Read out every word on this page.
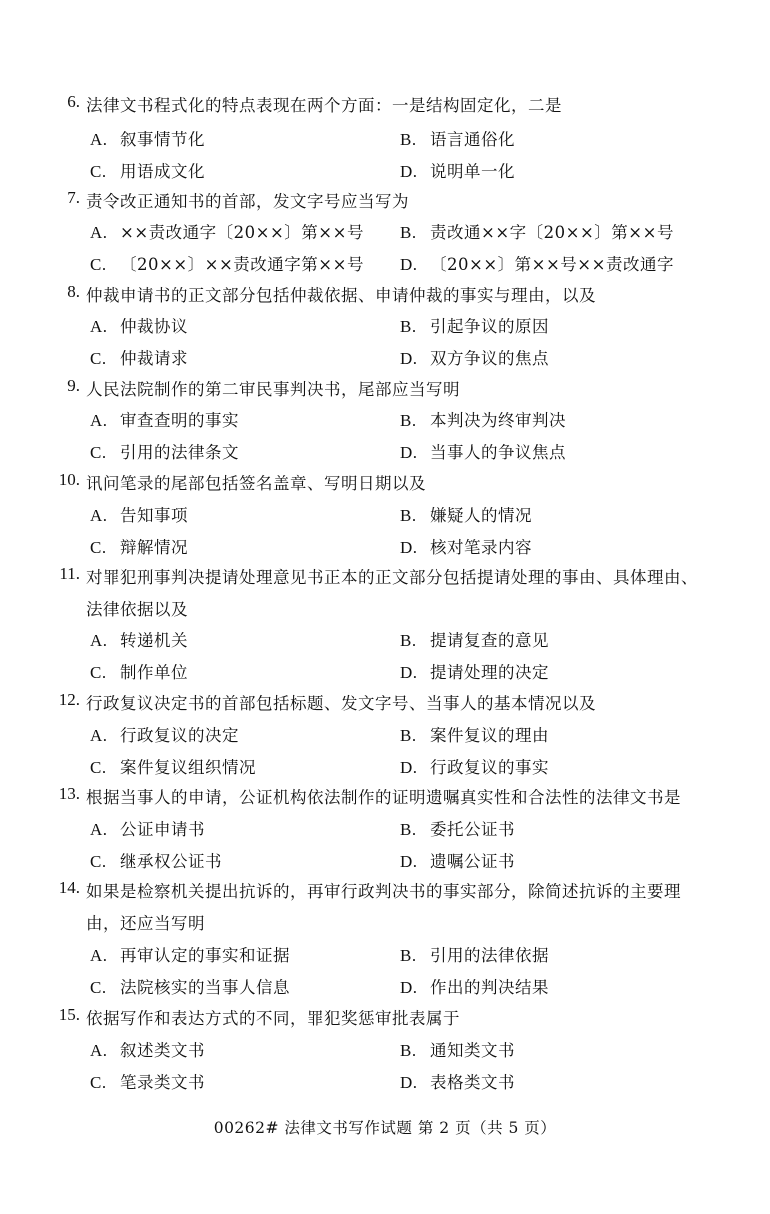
6. 法律文书程式化的特点表现在两个方面：一是结构固定化，二是
A. 叙事情节化	B. 语言通俗化
C. 用语成文化	D. 说明单一化
7. 责令改正通知书的首部，发文字号应当写为
A. ××责改通字〔20××〕第××号 B. 责改通××字〔20××〕第××号
C. 〔20××〕××责改通字第××号 D. 〔20××〕第××号××责改通字
8. 仲裁申请书的正文部分包括仲裁依据、申请仲裁的事实与理由，以及
A. 仲裁协议	B. 引起争议的原因
C. 仲裁请求	D. 双方争议的焦点
9. 人民法院制作的第二审民事判决书，尾部应当写明
A. 审查查明的事实	B. 本判决为终审判决
C. 引用的法律条文	D. 当事人的争议焦点
10. 讯问笔录的尾部包括签名盖章、写明日期以及
A. 告知事项	B. 嫌疑人的情况
C. 辩解情况	D. 核对笔录内容
11. 对罪犯刑事判决提请处理意见书正本的正文部分包括提请处理的事由、具体理由、
法律依据以及
A. 转递机关	B. 提请复查的意见
C. 制作单位	D. 提请处理的决定
12. 行政复议决定书的首部包括标题、发文字号、当事人的基本情况以及
A. 行政复议的决定	B. 案件复议的理由
C. 案件复议组织情况	D. 行政复议的事实
13. 根据当事人的申请，公证机构依法制作的证明遗嘱真实性和合法性的法律文书是
A. 公证申请书	B. 委托公证书
C. 继承权公证书	D. 遗嘱公证书
14. 如果是检察机关提出抗诉的，再审行政判决书的事实部分，除简述抗诉的主要理
由，还应当写明
A. 再审认定的事实和证据	B. 引用的法律依据
C. 法院核实的当事人信息	D. 作出的判决结果
15. 依据写作和表达方式的不同，罪犯奖惩审批表属于
A. 叙述类文书	B. 通知类文书
C. 笔录类文书	D. 表格类文书
00262# 法律文书写作试题 第 2 页（共 5 页）
